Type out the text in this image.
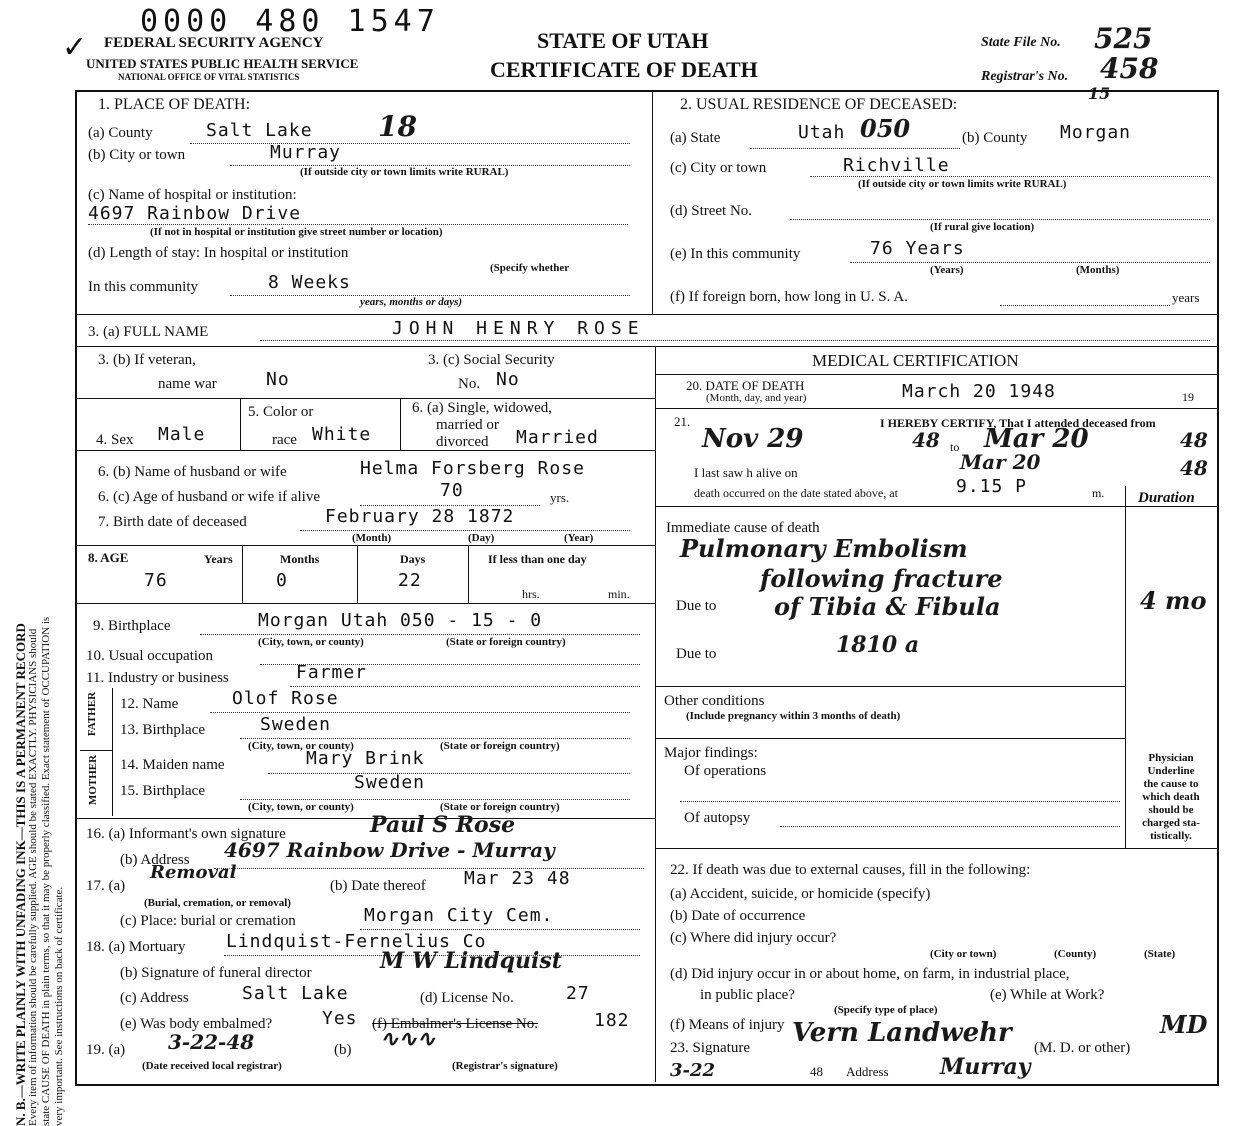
N. B.—WRITE PLAINLY WITH UNFADING INK—THIS IS A PERMANENT RECORD Every item of information should be carefully supplied. AGE should be stated EXACTLY. PHYSICIANS should state CAUSE OF DEATH in plain terms, so that it may be properly classified. Exact statement of OCCUPATION is very important. See instructions on back of certificate.
0000 480 1547
✓ FEDERAL SECURITY AGENCY
UNITED STATES PUBLIC HEALTH SERVICE
NATIONAL OFFICE OF VITAL STATISTICS
STATE OF UTAH
CERTIFICATE OF DEATH
State File No. 525
Registrar's No. 458
15
1. PLACE OF DEATH:
(a) County	Salt Lake 18
(b) City or town	Murray
(If outside city or town limits write RURAL)
(c) Name of hospital or institution:
4697 Rainbow Drive
(If not in hospital or institution give street number or location)
(d) Length of stay: In hospital or institution
(Specify whether
In this community	8 Weeks
years, months or days)
2. USUAL RESIDENCE OF DECEASED:
(a) State	Utah 050	(b) County Morgan
(c) City or town	Richville
(If outside city or town limits write RURAL)
(d) Street No.
(If rural give location)
(e) In this community	76 Years
(Years)	(Months)
(f) If foreign born, how long in U. S. A.	years
3. (a) FULL NAME	JOHN HENRY ROSE
3. (b) If veteran,
name war	No
3. (c) Social Security
No. No
4. Sex Male
5. Color or
race White
6. (a) Single, widowed,
married or
divorced Married
6. (b) Name of husband or wife	Helma Forsberg Rose
6. (c) Age of husband or wife if alive	70	yrs.
7. Birth date of deceased	February 28 1872
(Month)	(Day)	(Year)
8. AGE	Years	Months	Days	If less than one day
76	0	22
hrs.	min.
9. Birthplace	Morgan Utah 050 - 15 - 0
(City, town, or county)	(State or foreign country)
10. Usual occupation
11. Industry or business	Farmer
FATHER
MOTHER
12. Name	Olof Rose
13. Birthplace	Sweden
(City, town, or county)	(State or foreign country)
14. Maiden name	Mary Brink
15. Birthplace	Sweden
(City, town, or county)	(State or foreign country)
16. (a) Informant's own signature	Paul S Rose
(b) Address 4697 Rainbow Drive - Murray
17. (a)
Removal
(Burial, cremation, or removal)
(b) Date thereof Mar 23 48
(c) Place: burial or cremation	Morgan City Cem.
18. (a) Mortuary Lindquist-Fernelius Co
(b) Signature of funeral director	M W Lindquist
(c) Address	Salt Lake	(d) License No.	27
(e) Was body embalmed?	Yes (f) Embalmer's License No.	182
19. (a) 3-22-48	(b) ∿∿∿
(Date received local registrar)	(Registrar's signature)
MEDICAL CERTIFICATION
20. DATE OF DEATH
(Month, day, and year)	March 20 1948	19
21.	I HEREBY CERTIFY, That I attended deceased from
Nov 29	48 to Mar 20	48
I last saw h alive on	Mar 20	48
death occurred on the date stated above, at	9.15 P	m. Duration
Immediate cause of death
Pulmonary Embolism
following fracture
Due to of Tibia & Fibula	4 mo
Due to	1810 a
Other conditions
(Include pregnancy within 3 months of death)
Major findings:
Of operations
Of autopsy
Physician
Underline
the cause to
which death
should be
charged sta-
tistically.
22. If death was due to external causes, fill in the following:
(a) Accident, suicide, or homicide (specify)
(b) Date of occurrence
(c) Where did injury occur?
(City or town)	(County)	(State)
(d) Did injury occur in or about home, on farm, in industrial place,
in public place?
(Specify type of place)
(e) While at Work?
(f) Means of injury
23. Signature Vern Landwehr (M. D. or other)
MD
3-22	48 Address Murray
